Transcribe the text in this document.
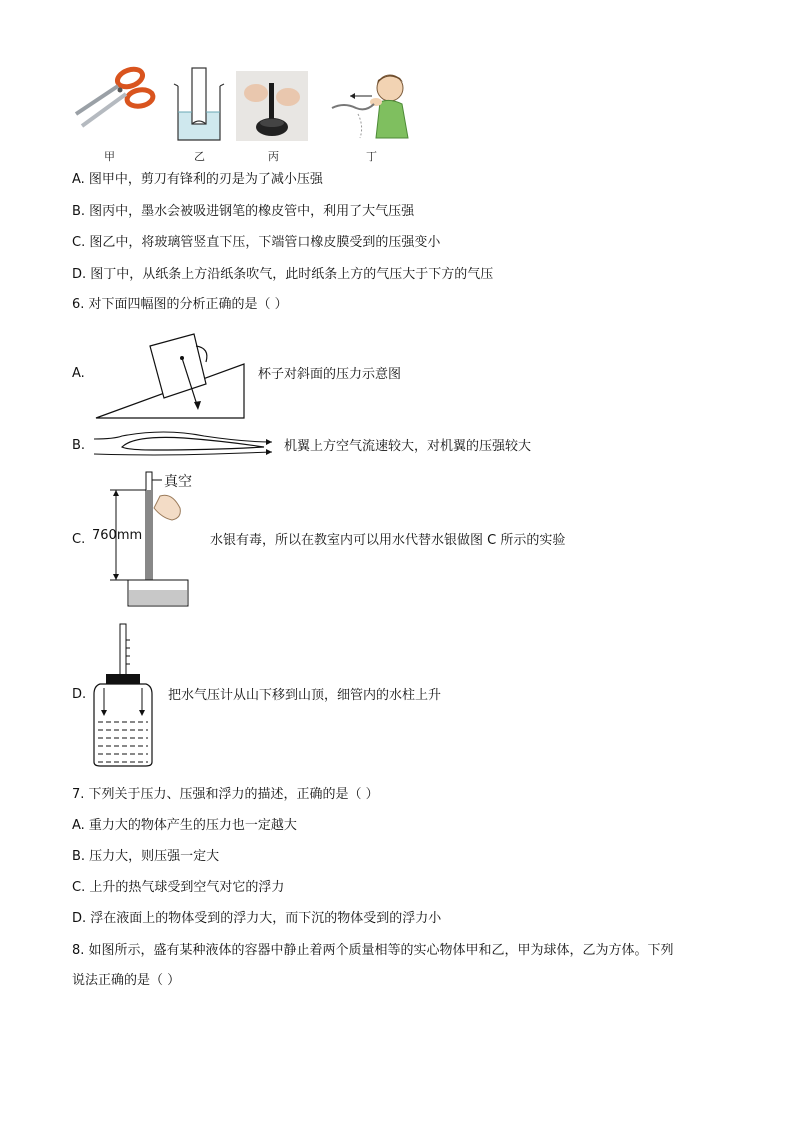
甲	乙	丙	丁
A. 图甲中，剪刀有锋利的刃是为了减小压强
B. 图丙中，墨水会被吸进钢笔的橡皮管中，利用了大气压强
C. 图乙中，将玻璃管竖直下压，下端管口橡皮膜受到的压强变小
D. 图丁中，从纸条上方沿纸条吹气，此时纸条上方的气压大于下方的气压
6. 对下面四幅图的分析正确的是（ ）
A.	杯子对斜面的压力示意图
B.	机翼上方空气流速较大，对机翼的压强较大
C.
真空
760mm	水银有毒，所以在教室内可以用水代替水银做图 C 所示的实验
D.	把水气压计从山下移到山顶，细管内的水柱上升
7. 下列关于压力、压强和浮力的描述，正确的是（ ）
A. 重力大的物体产生的压力也一定越大
B. 压力大，则压强一定大
C. 上升的热气球受到空气对它的浮力
D. 浮在液面上的物体受到的浮力大，而下沉的物体受到的浮力小
8. 如图所示，盛有某种液体的容器中静止着两个质量相等的实心物体甲和乙，甲为球体，乙为方体。下列
说法正确的是（ ）
